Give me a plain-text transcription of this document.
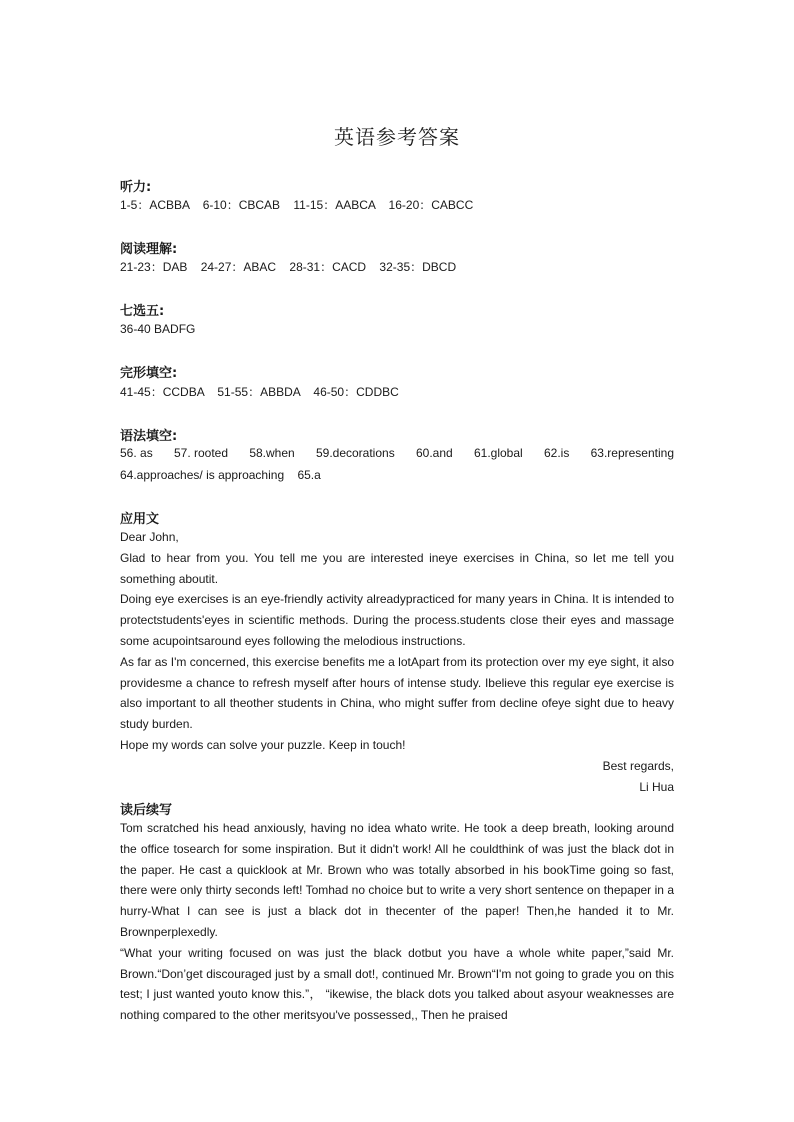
英语参考答案
听力:
1-5：ACBBA    6-10：CBCAB    11-15：AABCA    16-20：CABCC
阅读理解:
21-23：DAB    24-27：ABAC    28-31：CACD    32-35：DBCD
七选五:
36-40 BADFG
完形填空:
41-45：CCDBA    51-55：ABBDA    46-50：CDDBC
语法填空:
56. as 57. rooted 58.when 59.decorations 60.and 61.global 62.is 63.representing
64.approaches/ is approaching    65.a
应用文

Dear John,

Glad to hear from you. You tell me you are interested ineye exercises in China, so let me tell you something aboutit.

Doing eye exercises is an eye-friendly activity alreadypracticed for many years in China. It is intended to protectstudents'eyes in scientific methods. During the process.students close their eyes and massage some acupointsaround eyes following the melodious instructions.

As far as I'm concerned, this exercise benefits me a lotApart from its protection over my eye sight, it also providesme a chance to refresh myself after hours of intense study. Ibelieve this regular eye exercise is also important to all theother students in China, who might suffer from decline ofeye sight due to heavy study burden.

Hope my words can solve your puzzle. Keep in touch!

Best regards,
Li Hua
读后续写

Tom scratched his head anxiously, having no idea whato write. He took a deep breath, looking around the office tosearch for some inspiration. But it didn't work! All he couldthink of was just the black dot in the paper. He cast a quicklook at Mr. Brown who was totally absorbed in his bookTime going so fast, there were only thirty seconds left! Tomhad no choice but to write a very short sentence on thepaper in a hurry-What I can see is just a black dot in thecenter of the paper! Then,he handed it to Mr. Brownperplexedly.

“What your writing focused on was just the black dotbut you have a whole white paper,”said Mr. Brown.“Don’get discouraged just by a small dot!, continued Mr. Brown“I'm not going to grade you on this test; I just wanted youto know this.”， “ikewise, the black dots you talked about asyour weaknesses are nothing compared to the other meritsyou've possessed,, Then he praised
